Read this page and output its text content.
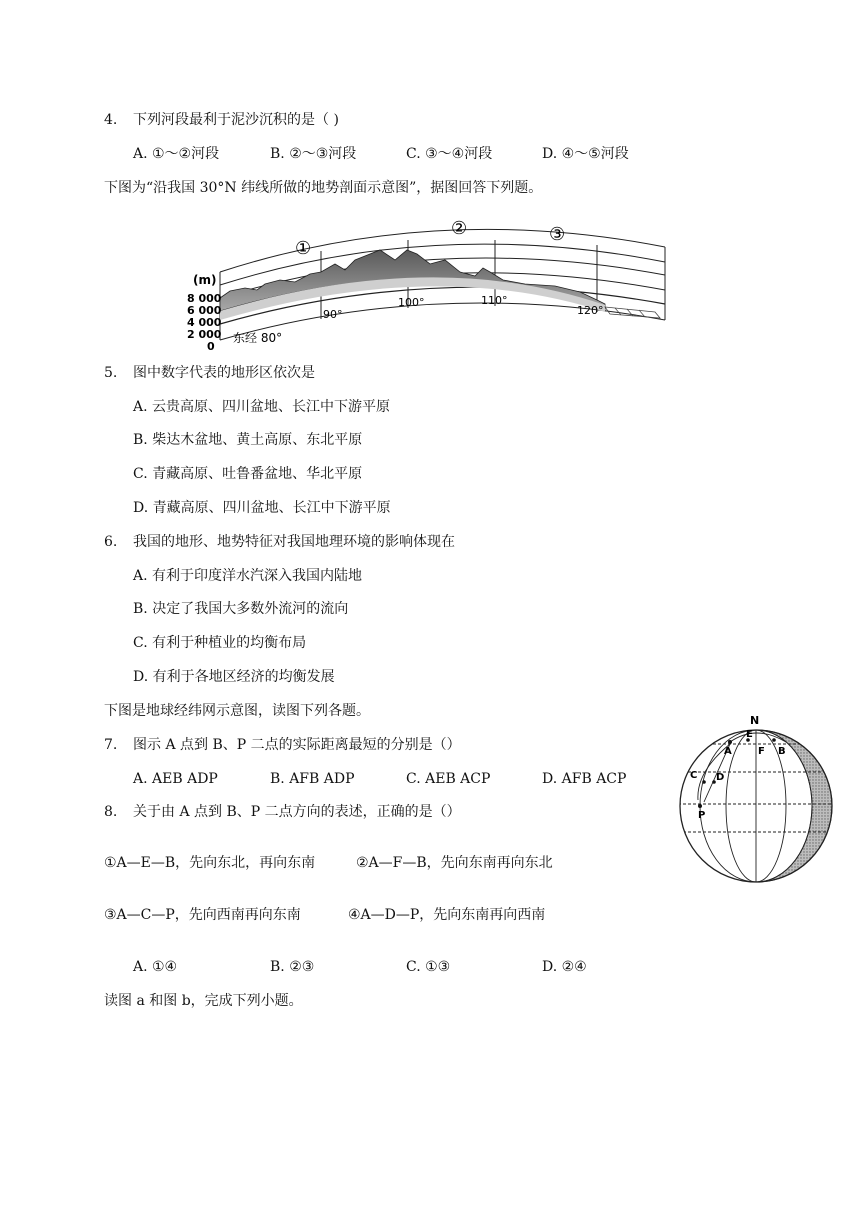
4. 下列河段最利于泥沙沉积的是（ )
A. ①～②河段	B. ②～③河段	C. ③～④河段	D. ④～⑤河段
下图为“沿我国 30°N 纬线所做的地势剖面示意图”，据图回答下列题。
(m)
8 000
6 000
4 000
2 000
0
东经 80°
90°
100°	110°
120°
①
②	③
5. 图中数字代表的地形区依次是
A. 云贵高原、四川盆地、长江中下游平原
B. 柴达木盆地、黄土高原、东北平原
C. 青藏高原、吐鲁番盆地、华北平原
D. 青藏高原、四川盆地、长江中下游平原
6. 我国的地形、地势特征对我国地理环境的影响体现在
A. 有利于印度洋水汽深入我国内陆地
B. 决定了我国大多数外流河的流向
C. 有利于种植业的均衡布局
D. 有利于各地区经济的均衡发展
下图是地球经纬网示意图，读图下列各题。
7. 图示 A 点到 B、P 二点的实际距离最短的分别是（）
A. AEB ADP	B. AFB ADP	C. AEB ACP	D. AFB ACP
8. 关于由 A 点到 B、P 二点方向的表述，正确的是（）
①A—E—B，先向东北，再向东南	②A—F—B，先向东南再向东北
③A—C—P，先向西南再向东南	④A—D—P，先向东南再向西南
A. ①④	B. ②③	C. ①③	D. ②④
读图 a 和图 b，完成下列小题。
N
E
A	F B
C D
P
